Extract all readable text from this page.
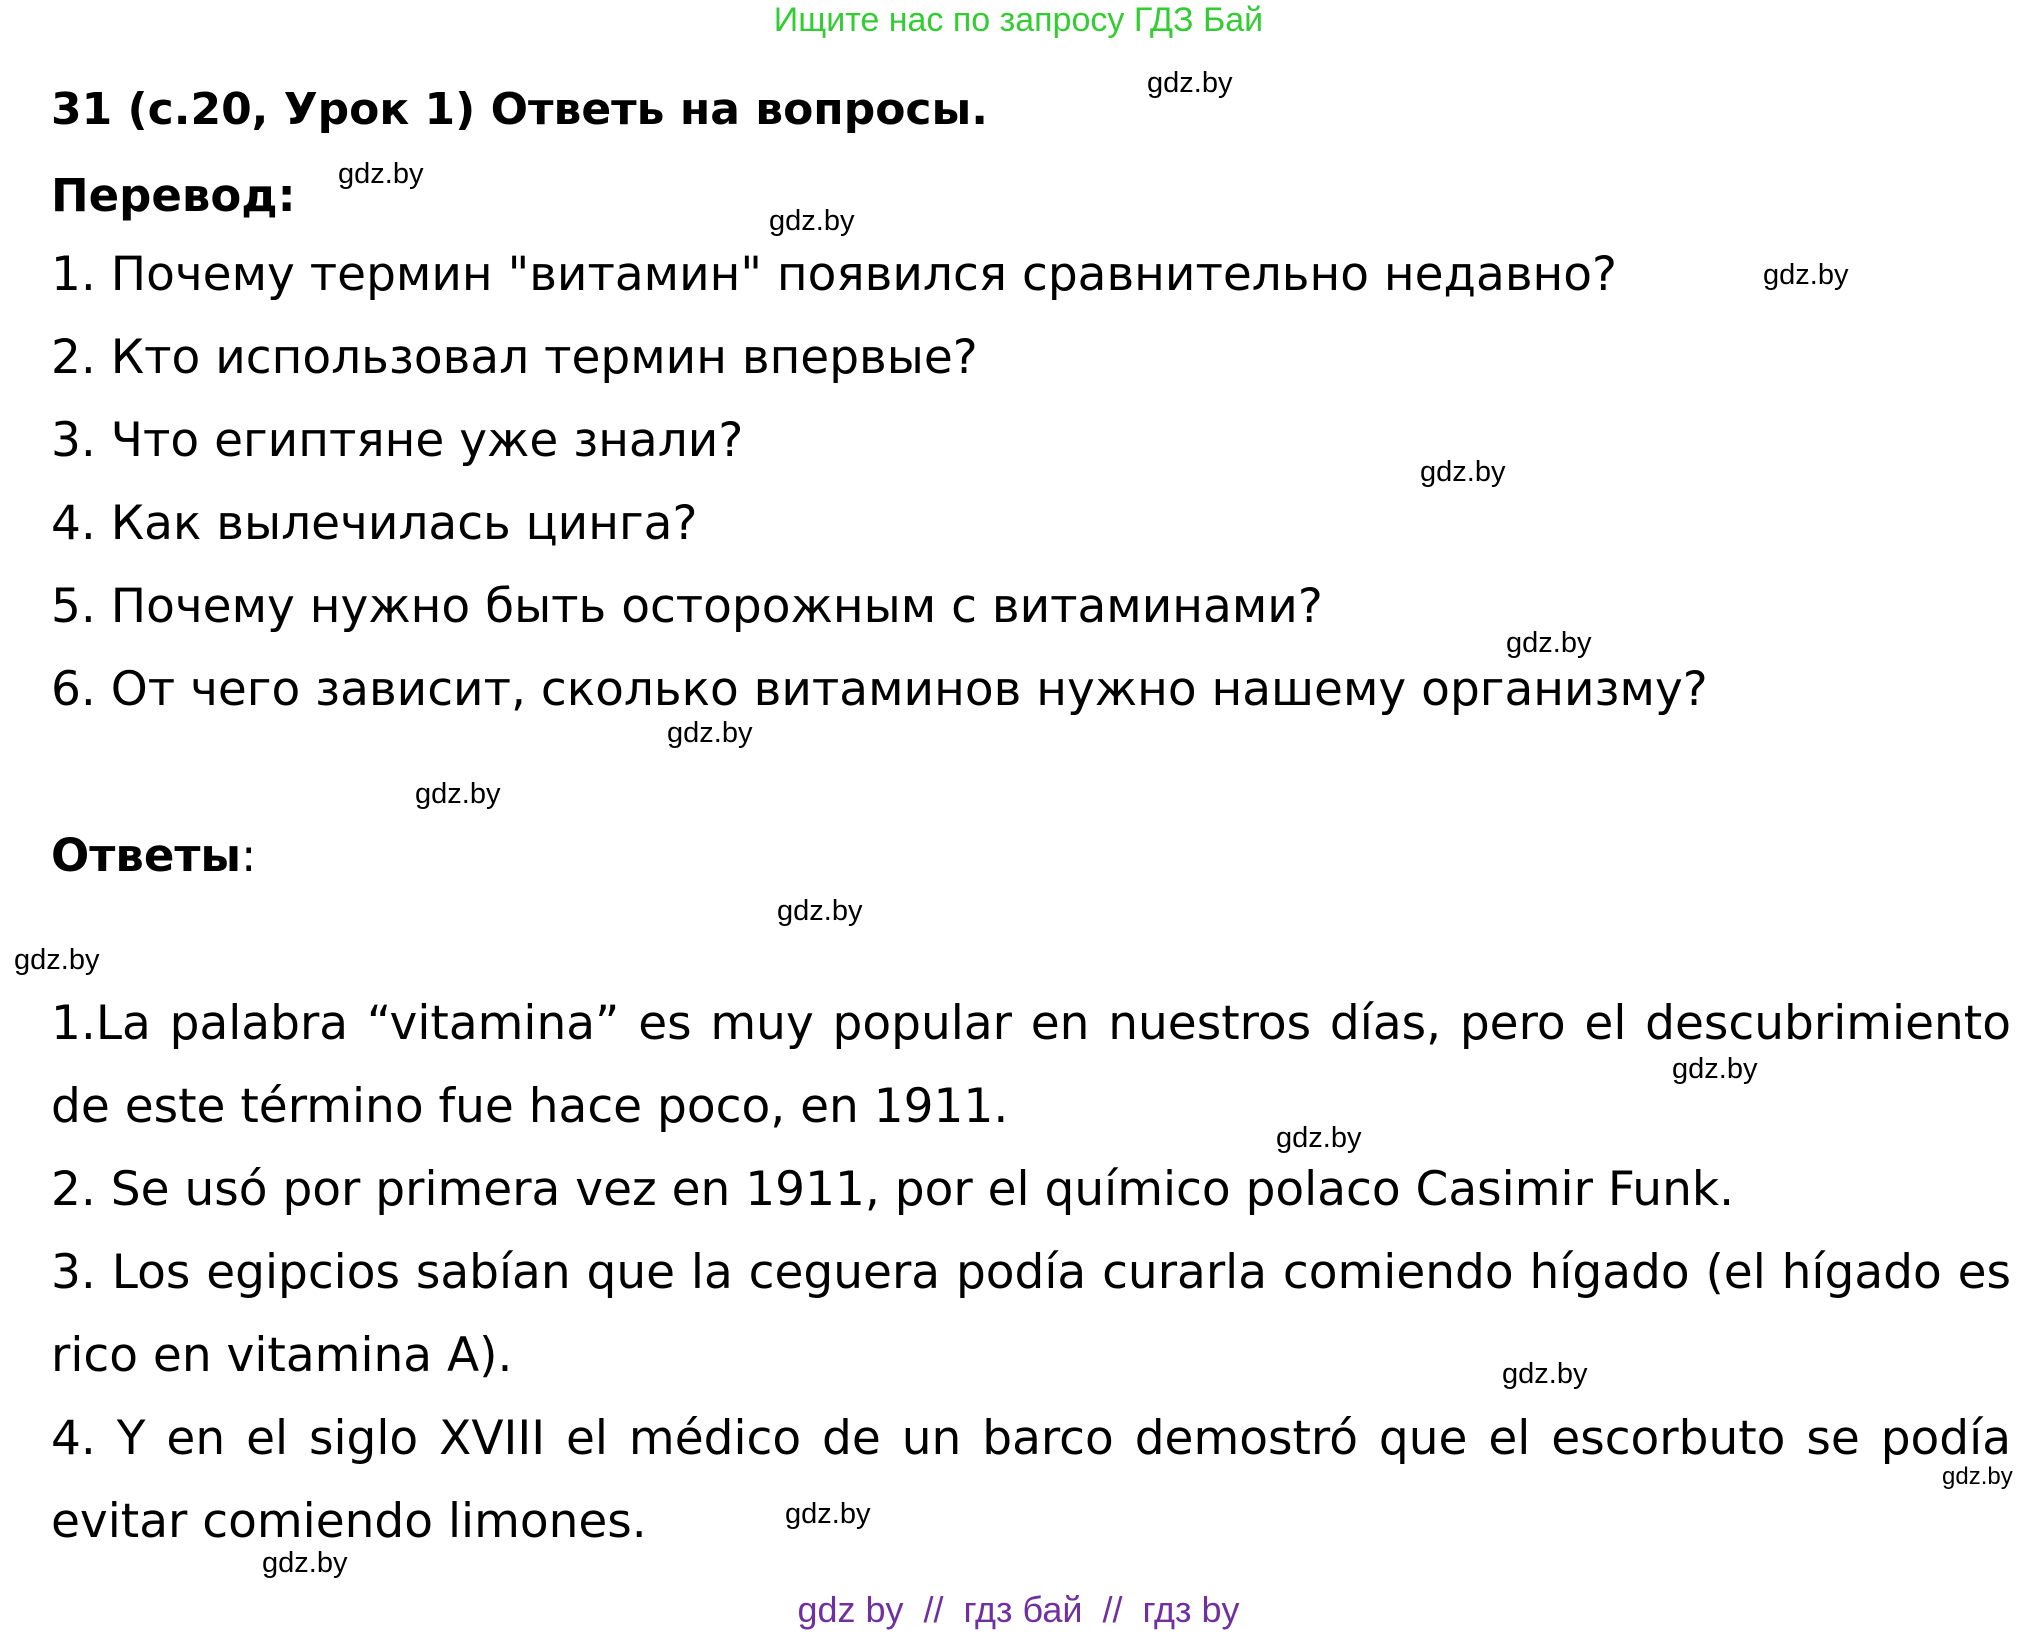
Ищите нас по запросу ГДЗ Бай
31 (с.20, Урок 1) Ответь на вопросы.
Перевод:
1. Почему термин "витамин" появился сравнительно недавно?
2. Кто использовал термин впервые?
3. Что египтяне уже знали?
4. Как вылечилась цинга?
5. Почему нужно быть осторожным с витаминами?
6. От чего зависит, сколько витаминов нужно нашему организму?
Ответы:
1.La palabra “vitamina” es muy popular en nuestros días, pero el descubrimiento de este término fue hace poco, en 1911.
2. Se usó por primera vez en 1911, por el químico polaco Casimir Funk.
3. Los egipcios sabían que la ceguera podía curarla comiendo hígado (el hígado es rico en vitamina A).
4. Y en el siglo XVIII el médico de un barco demostró que el escorbuto se podía evitar comiendo limones.
gdz.by
gdz.by
gdz.by
gdz.by
gdz.by
gdz.by
gdz.by
gdz.by
gdz.by
gdz.by
gdz.by
gdz.by
gdz.by
gdz.by
gdz.by
gdz.by
gdz by  //  гдз бай  //  гдз by
